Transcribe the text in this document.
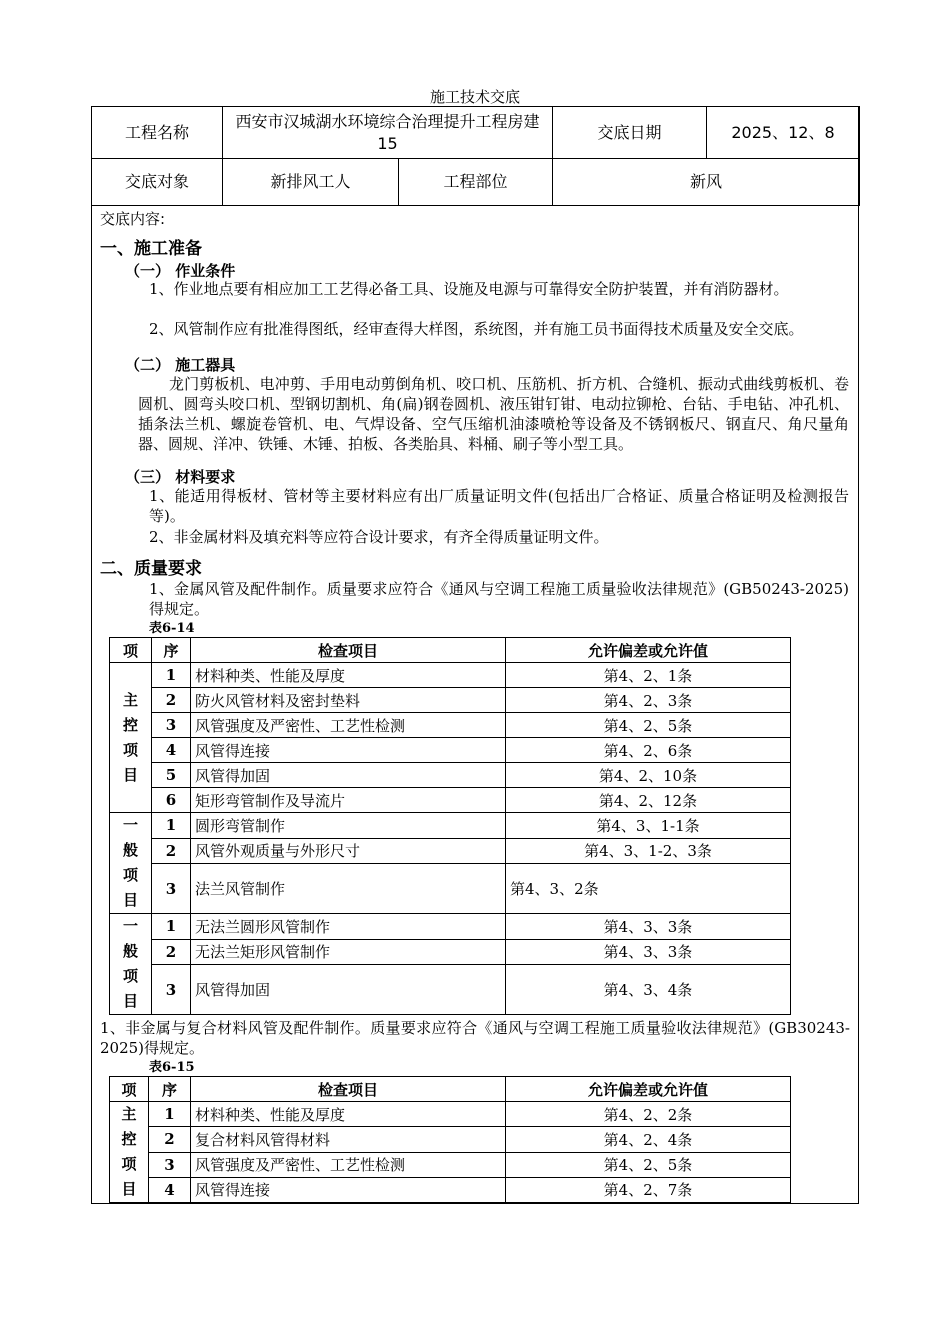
施工技术交底
工程名称	西安市汉城湖水环境综合治理提升工程房建15		交底日期	2025、12、8
交底对象	新排风工人	工程部位	新风	
交底内容:
一、施工准备
（一） 作业条件
1、作业地点要有相应加工工艺得必备工具、设施及电源与可靠得安全防护装置，并有消防器材。
2、风管制作应有批准得图纸，经审查得大样图，系统图，并有施工员书面得技术质量及安全交底。
（二） 施工器具
龙门剪板机、电冲剪、手用电动剪倒角机、咬口机、压筋机、折方机、合缝机、振动式曲线剪板机、卷圆机、圆弯头咬口机、型钢切割机、角(扁)钢卷圆机、液压钳钉钳、电动拉铆枪、台钻、手电钻、冲孔机、插条法兰机、螺旋卷管机、电、气焊设备、空气压缩机油漆喷枪等设备及不锈钢板尺、钢直尺、角尺量角器、圆规、洋冲、铁锤、木锤、拍板、各类胎具、料桶、刷子等小型工具。
（三） 材料要求
1、能适用得板材、管材等主要材料应有出厂质量证明文件(包括出厂合格证、质量合格证明及检测报告等)。
2、非金属材料及填充料等应符合设计要求，有齐全得质量证明文件。
二、质量要求
1、金属风管及配件制作。质量要求应符合《通风与空调工程施工质量验收法律规范》(GB50243-2025)得规定。
表6-14
项	序	检查项目	允许偏差或允许值

主
控
项
目	1	材料种类、性能及厚度	第4、2、1条
	2	防火风管材料及密封垫料	第4、2、3条
	3	风管强度及严密性、工艺性检测	第4、2、5条
	4	风管得连接	第4、2、6条
	5	风管得加固	第4、2、10条
	6	矩形弯管制作及导流片	第4、2、12条

一
般
项
目	1	圆形弯管制作	第4、3、1-1条
	2	风管外观质量与外形尺寸	第4、3、1-2、3条
	3	法兰风管制作	第4、3、2条

一
般
项
目	1	无法兰圆形风管制作	第4、3、3条
	2	无法兰矩形风管制作	第4、3、3条
	3	风管得加固	第4、3、4条
1、非金属与复合材料风管及配件制作。质量要求应符合《通风与空调工程施工质量验收法律规范》(GB30243-2025)得规定。
表6-15
项	序	检查项目	允许偏差或允许值

主
控
项
目	1	材料种类、性能及厚度	第4、2、2条
	2	复合材料风管得材料	第4、2、4条
	3	风管强度及严密性、工艺性检测	第4、2、5条
	4	风管得连接	第4、2、7条
